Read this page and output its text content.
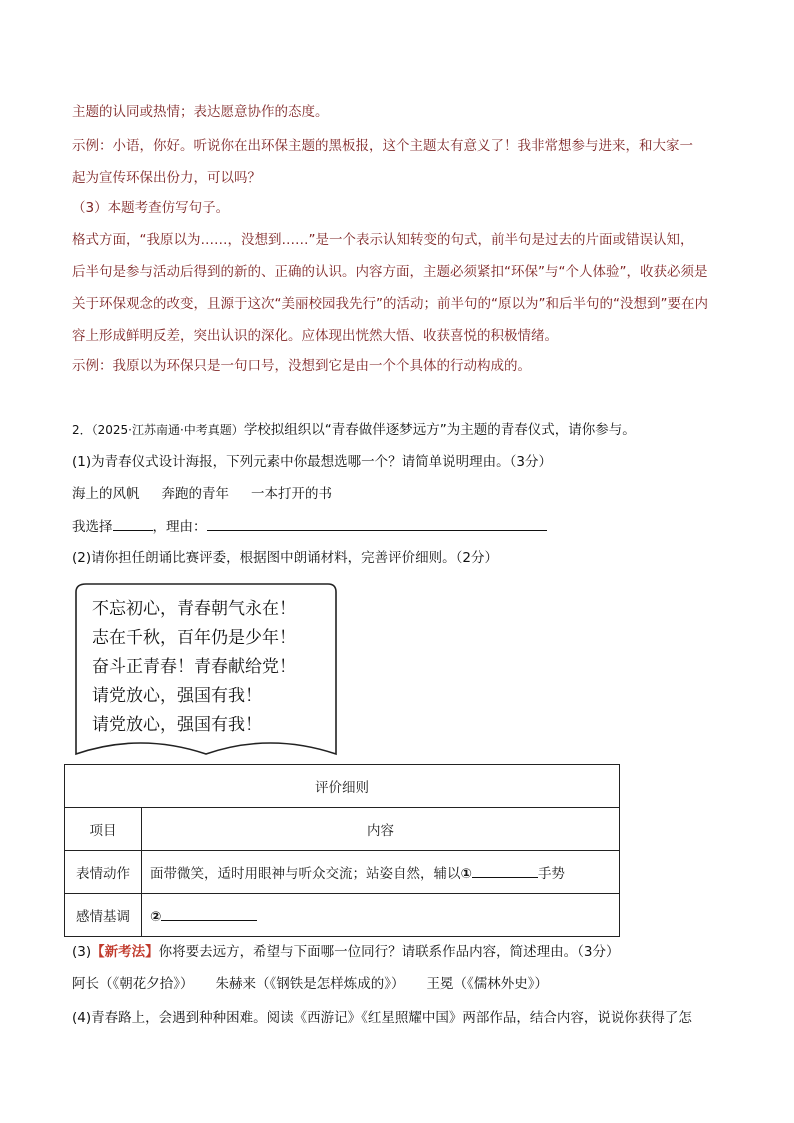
主题的认同或热情；表达愿意协作的态度。
示例：小语，你好。听说你在出环保主题的黑板报，这个主题太有意义了！我非常想参与进来，和大家一
起为宣传环保出份力，可以吗？
（3）本题考查仿写句子。
格式方面，“我原以为……，没想到……”是一个表示认知转变的句式，前半句是过去的片面或错误认知，
后半句是参与活动后得到的新的、正确的认识。内容方面，主题必须紧扣“环保”与“个人体验”，收获必须是
关于环保观念的改变，且源于这次“美丽校园我先行”的活动；前半句的“原以为”和后半句的“没想到”要在内
容上形成鲜明反差，突出认识的深化。应体现出恍然大悟、收获喜悦的积极情绪。
示例：我原以为环保只是一句口号，没想到它是由一个个具体的行动构成的。
2．（2025·江苏南通·中考真题）学校拟组织以“青春做伴逐梦远方”为主题的青春仪式，请你参与。
(1)为青春仪式设计海报，下列元素中你最想选哪一个？请简单说明理由。（3分）
海上的风帆 奔跑的青年 一本打开的书
我选择	，理由：
(2)请你担任朗诵比赛评委，根据图中朗诵材料，完善评价细则。（2分）
不忘初心，青春朝气永在！
志在千秋，百年仍是少年！
奋斗正青春！青春献给党！
请党放心，强国有我！
请党放心，强国有我！
评价细则	
项目	内容
表情动作	面带微笑，适时用眼神与听众交流；站姿自然，辅以① 手势
感情基调	②
(3)【新考法】你将要去远方，希望与下面哪一位同行？请联系作品内容，简述理由。（3分）
阿长（《朝花夕拾》） 朱赫来（《钢铁是怎样炼成的》） 王冕（《儒林外史》）
(4)青春路上，会遇到种种困难。阅读《西游记》《红星照耀中国》两部作品，结合内容，说说你获得了怎
